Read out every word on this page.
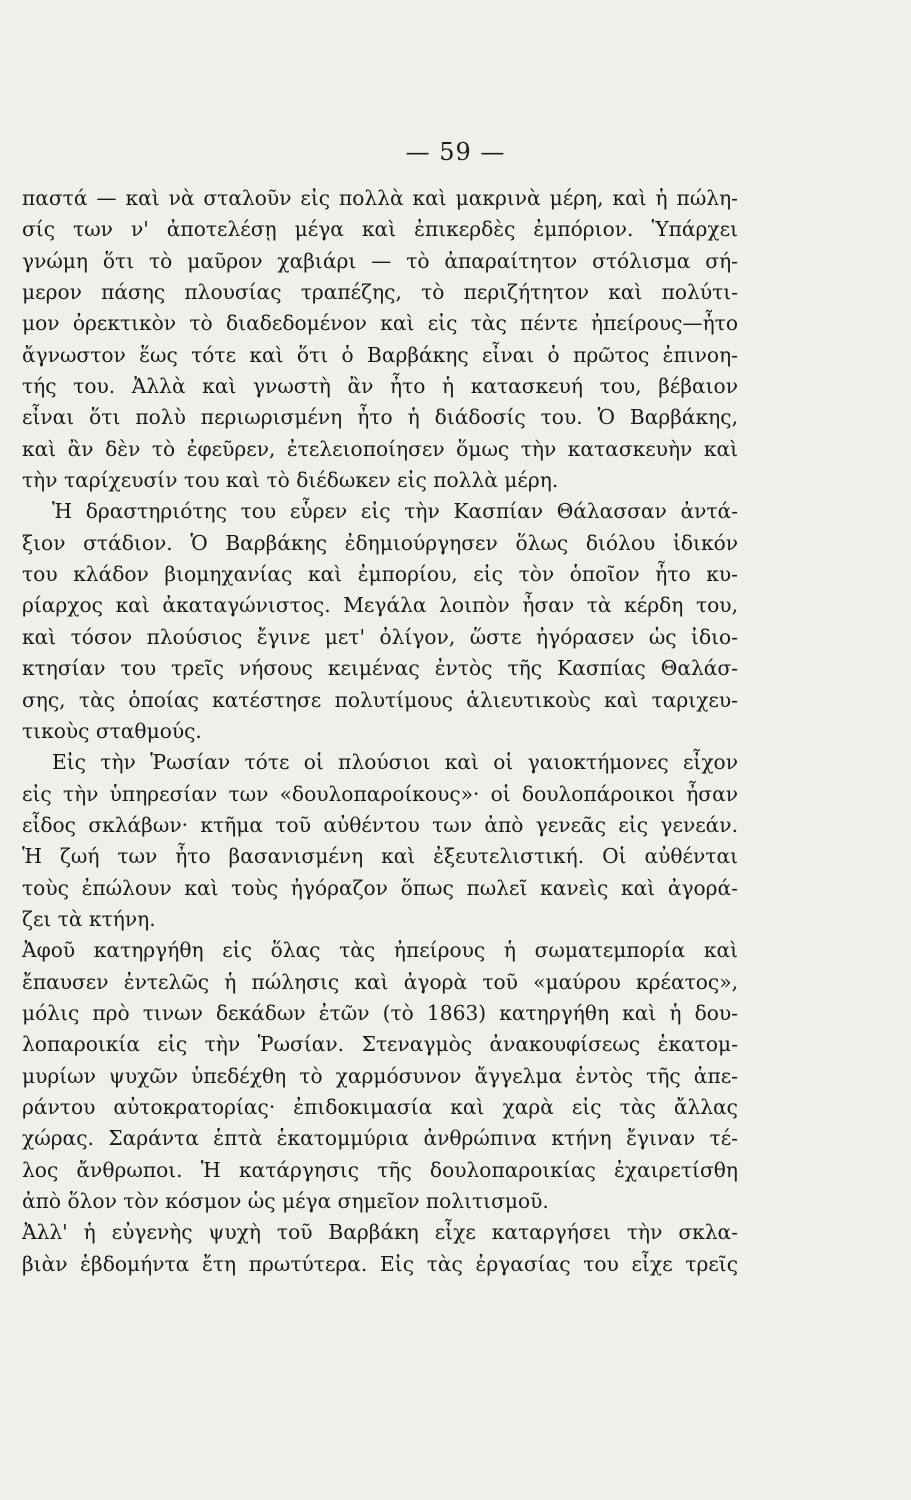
— 59 —
παστά — καὶ νὰ σταλοῦν εἰς πολλὰ καὶ μακρινὰ μέρη, καὶ ἡ πώλη-
σίς των ν' ἀποτελέσῃ μέγα καὶ ἐπικερδὲς ἐμπόριον. Ὑπάρχει
γνώμη ὅτι τὸ μαῦρον χαβιάρι — τὸ ἀπαραίτητον στόλισμα σή-
μερον πάσης πλουσίας τραπέζης, τὸ περιζήτητον καὶ πολύτι-
μον ὀρεκτικὸν τὸ διαδεδομένον καὶ εἰς τὰς πέντε ἠπείρους—ἦτο
ἄγνωστον ἕως τότε καὶ ὅτι ὁ Βαρβάκης εἶναι ὁ πρῶτος ἐπινοη-
τής του. Ἀλλὰ καὶ γνωστὴ ἂν ἦτο ἡ κατασκευή του, βέβαιον
εἶναι ὅτι πολὺ περιωρισμένη ἦτο ἡ διάδοσίς του. Ὁ Βαρβάκης,
καὶ ἂν δὲν τὸ ἐφεῦρεν, ἐτελειοποίησεν ὅμως τὴν κατασκευὴν καὶ
τὴν ταρίχευσίν του καὶ τὸ διέδωκεν εἰς πολλὰ μέρη.
Ἡ δραστηριότης του εὗρεν εἰς τὴν Κασπίαν Θάλασσαν ἀντά-
ξιον στάδιον. Ὁ Βαρβάκης ἐδημιούργησεν ὅλως διόλου ἰδικόν
του κλάδον βιομηχανίας καὶ ἐμπορίου, εἰς τὸν ὁποῖον ἦτο κυ-
ρίαρχος καὶ ἀκαταγώνιστος. Μεγάλα λοιπὸν ἦσαν τὰ κέρδη του,
καὶ τόσον πλούσιος ἔγινε μετ' ὀλίγον, ὥστε ἠγόρασεν ὡς ἰδιο-
κτησίαν του τρεῖς νήσους κειμένας ἐντὸς τῆς Κασπίας Θαλάσ-
σης, τὰς ὁποίας κατέστησε πολυτίμους ἁλιευτικοὺς καὶ ταριχευ-
τικοὺς σταθμούς.
Εἰς τὴν Ῥωσίαν τότε οἱ πλούσιοι καὶ οἱ γαιοκτήμονες εἶχον
εἰς τὴν ὑπηρεσίαν των «δουλοπαροίκους»· οἱ δουλοπάροικοι ἦσαν
εἶδος σκλάβων· κτῆμα τοῦ αὐθέντου των ἀπὸ γενεᾶς εἰς γενεάν.
Ἡ ζωή των ἦτο βασανισμένη καὶ ἐξευτελιστική. Οἱ αὐθένται
τοὺς ἐπώλουν καὶ τοὺς ἠγόραζον ὅπως πωλεῖ κανεὶς καὶ ἀγορά-
ζει τὰ κτήνη.
Ἀφοῦ κατηργήθη εἰς ὅλας τὰς ἠπείρους ἡ σωματεμπορία καὶ
ἔπαυσεν ἐντελῶς ἡ πώλησις καὶ ἀγορὰ τοῦ «μαύρου κρέατος»,
μόλις πρὸ τινων δεκάδων ἐτῶν (τὸ 1863) κατηργήθη καὶ ἡ δου-
λοπαροικία εἰς τὴν Ῥωσίαν. Στεναγμὸς ἀνακουφίσεως ἑκατομ-
μυρίων ψυχῶν ὑπεδέχθη τὸ χαρμόσυνον ἄγγελμα ἐντὸς τῆς ἀπε-
ράντου αὐτοκρατορίας· ἐπιδοκιμασία καὶ χαρὰ εἰς τὰς ἄλλας
χώρας. Σαράντα ἑπτὰ ἑκατομμύρια ἀνθρώπινα κτήνη ἔγιναν τέ-
λος ἄνθρωποι. Ἡ κατάργησις τῆς δουλοπαροικίας ἐχαιρετίσθη
ἀπὸ ὅλον τὸν κόσμον ὡς μέγα σημεῖον πολιτισμοῦ.
Ἀλλ' ἡ εὐγενὴς ψυχὴ τοῦ Βαρβάκη εἶχε καταργήσει τὴν σκλα-
βιὰν ἑβδομήντα ἔτη πρωτύτερα. Εἰς τὰς ἐργασίας του εἶχε τρεῖς
